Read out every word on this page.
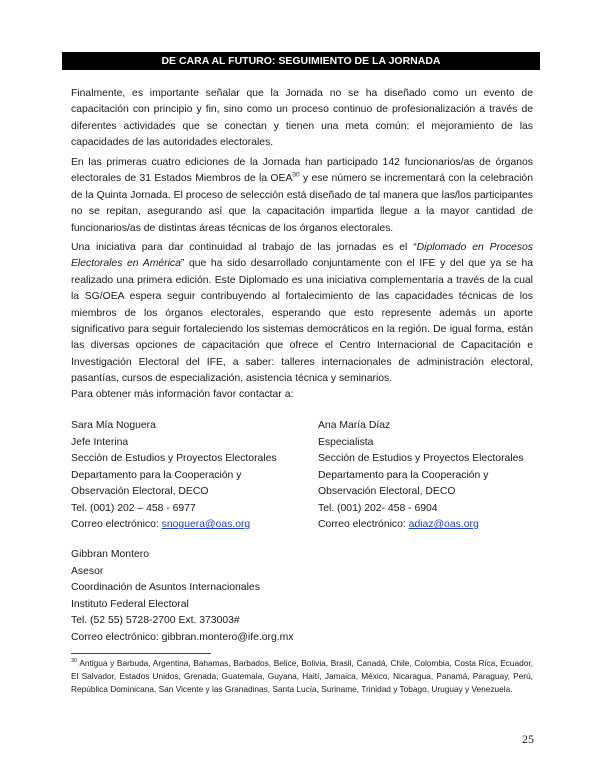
DE CARA AL FUTURO: SEGUIMIENTO DE LA JORNADA

Finalmente, es importante señalar que la Jornada no se ha diseñado como un evento de capacitación con principio y fin, sino como un proceso continuo de profesionalización a través de diferentes actividades que se conectan y tienen una meta común: el mejoramiento de las capacidades de las autoridades electorales.

En las primeras cuatro ediciones de la Jornada han participado 142 funcionarios/as de órganos electorales de 31 Estados Miembros de la OEA$^{30}$ y ese número se incrementará con la celebración de la Quinta Jornada. El proceso de selección está diseñado de tal manera que las/los participantes no se repitan, asegurando así que la capacitación impartida llegue a la mayor cantidad de funcionarios/as de distintas áreas técnicas de los órganos electorales.

Una iniciativa para dar continuidad al trabajo de las jornadas es el “Diplomado en Procesos Electorales en América” que ha sido desarrollado conjuntamente con el IFE y del que ya se ha realizado una primera edición. Este Diplomado es una iniciativa complementaria a través de la cual la SG/OEA espera seguir contribuyendo al fortalecimiento de las capacidades técnicas de los miembros de los órganos electorales, esperando que esto represente además un aporte significativo para seguir fortaleciendo los sistemas democráticos en la región. De igual forma, están las diversas opciones de capacitación que ofrece el Centro Internacional de Capacitación e Investigación Electoral del IFE, a saber: talleres internacionales de administración electoral, pasantías, cursos de especialización, asistencia técnica y seminarios.

Para obtener más información favor contactar a:

Sara Mía Noguera
Jefe Interina
Sección de Estudios y Proyectos Electorales
Departamento para la Cooperación y
Observación Electoral, DECO
Tel. (001) 202 – 458 - 6977
Correo electrónico: snoguera@oas.org
Ana María Díaz
Especialista
Sección de Estudios y Proyectos Electorales
Departamento para la Cooperación y
Observación Electoral, DECO
Tel. (001) 202- 458 - 6904
Correo electrónico: adiaz@oas.org
Gibbran Montero
Asesor
Coordinación de Asuntos Internacionales
Instituto Federal Electoral
Tel. (52 55) 5728-2700 Ext. 373003#
Correo electrónico: gibbran.montero@ife.org.mx

$^{30}$ Antigua y Barbuda, Argentina, Bahamas, Barbados, Belice, Bolivia, Brasil, Canadá, Chile, Colombia, Costa Rica, Ecuador, El Salvador, Estados Unidos, Grenada, Guatemala, Guyana, Haití, Jamaica, México, Nicaragua, Panamá, Paraguay, Perú, República Dominicana, San Vicente y las Granadinas, Santa Lucía, Suriname, Trinidad y Tobago, Uruguay y Venezuela.

25
